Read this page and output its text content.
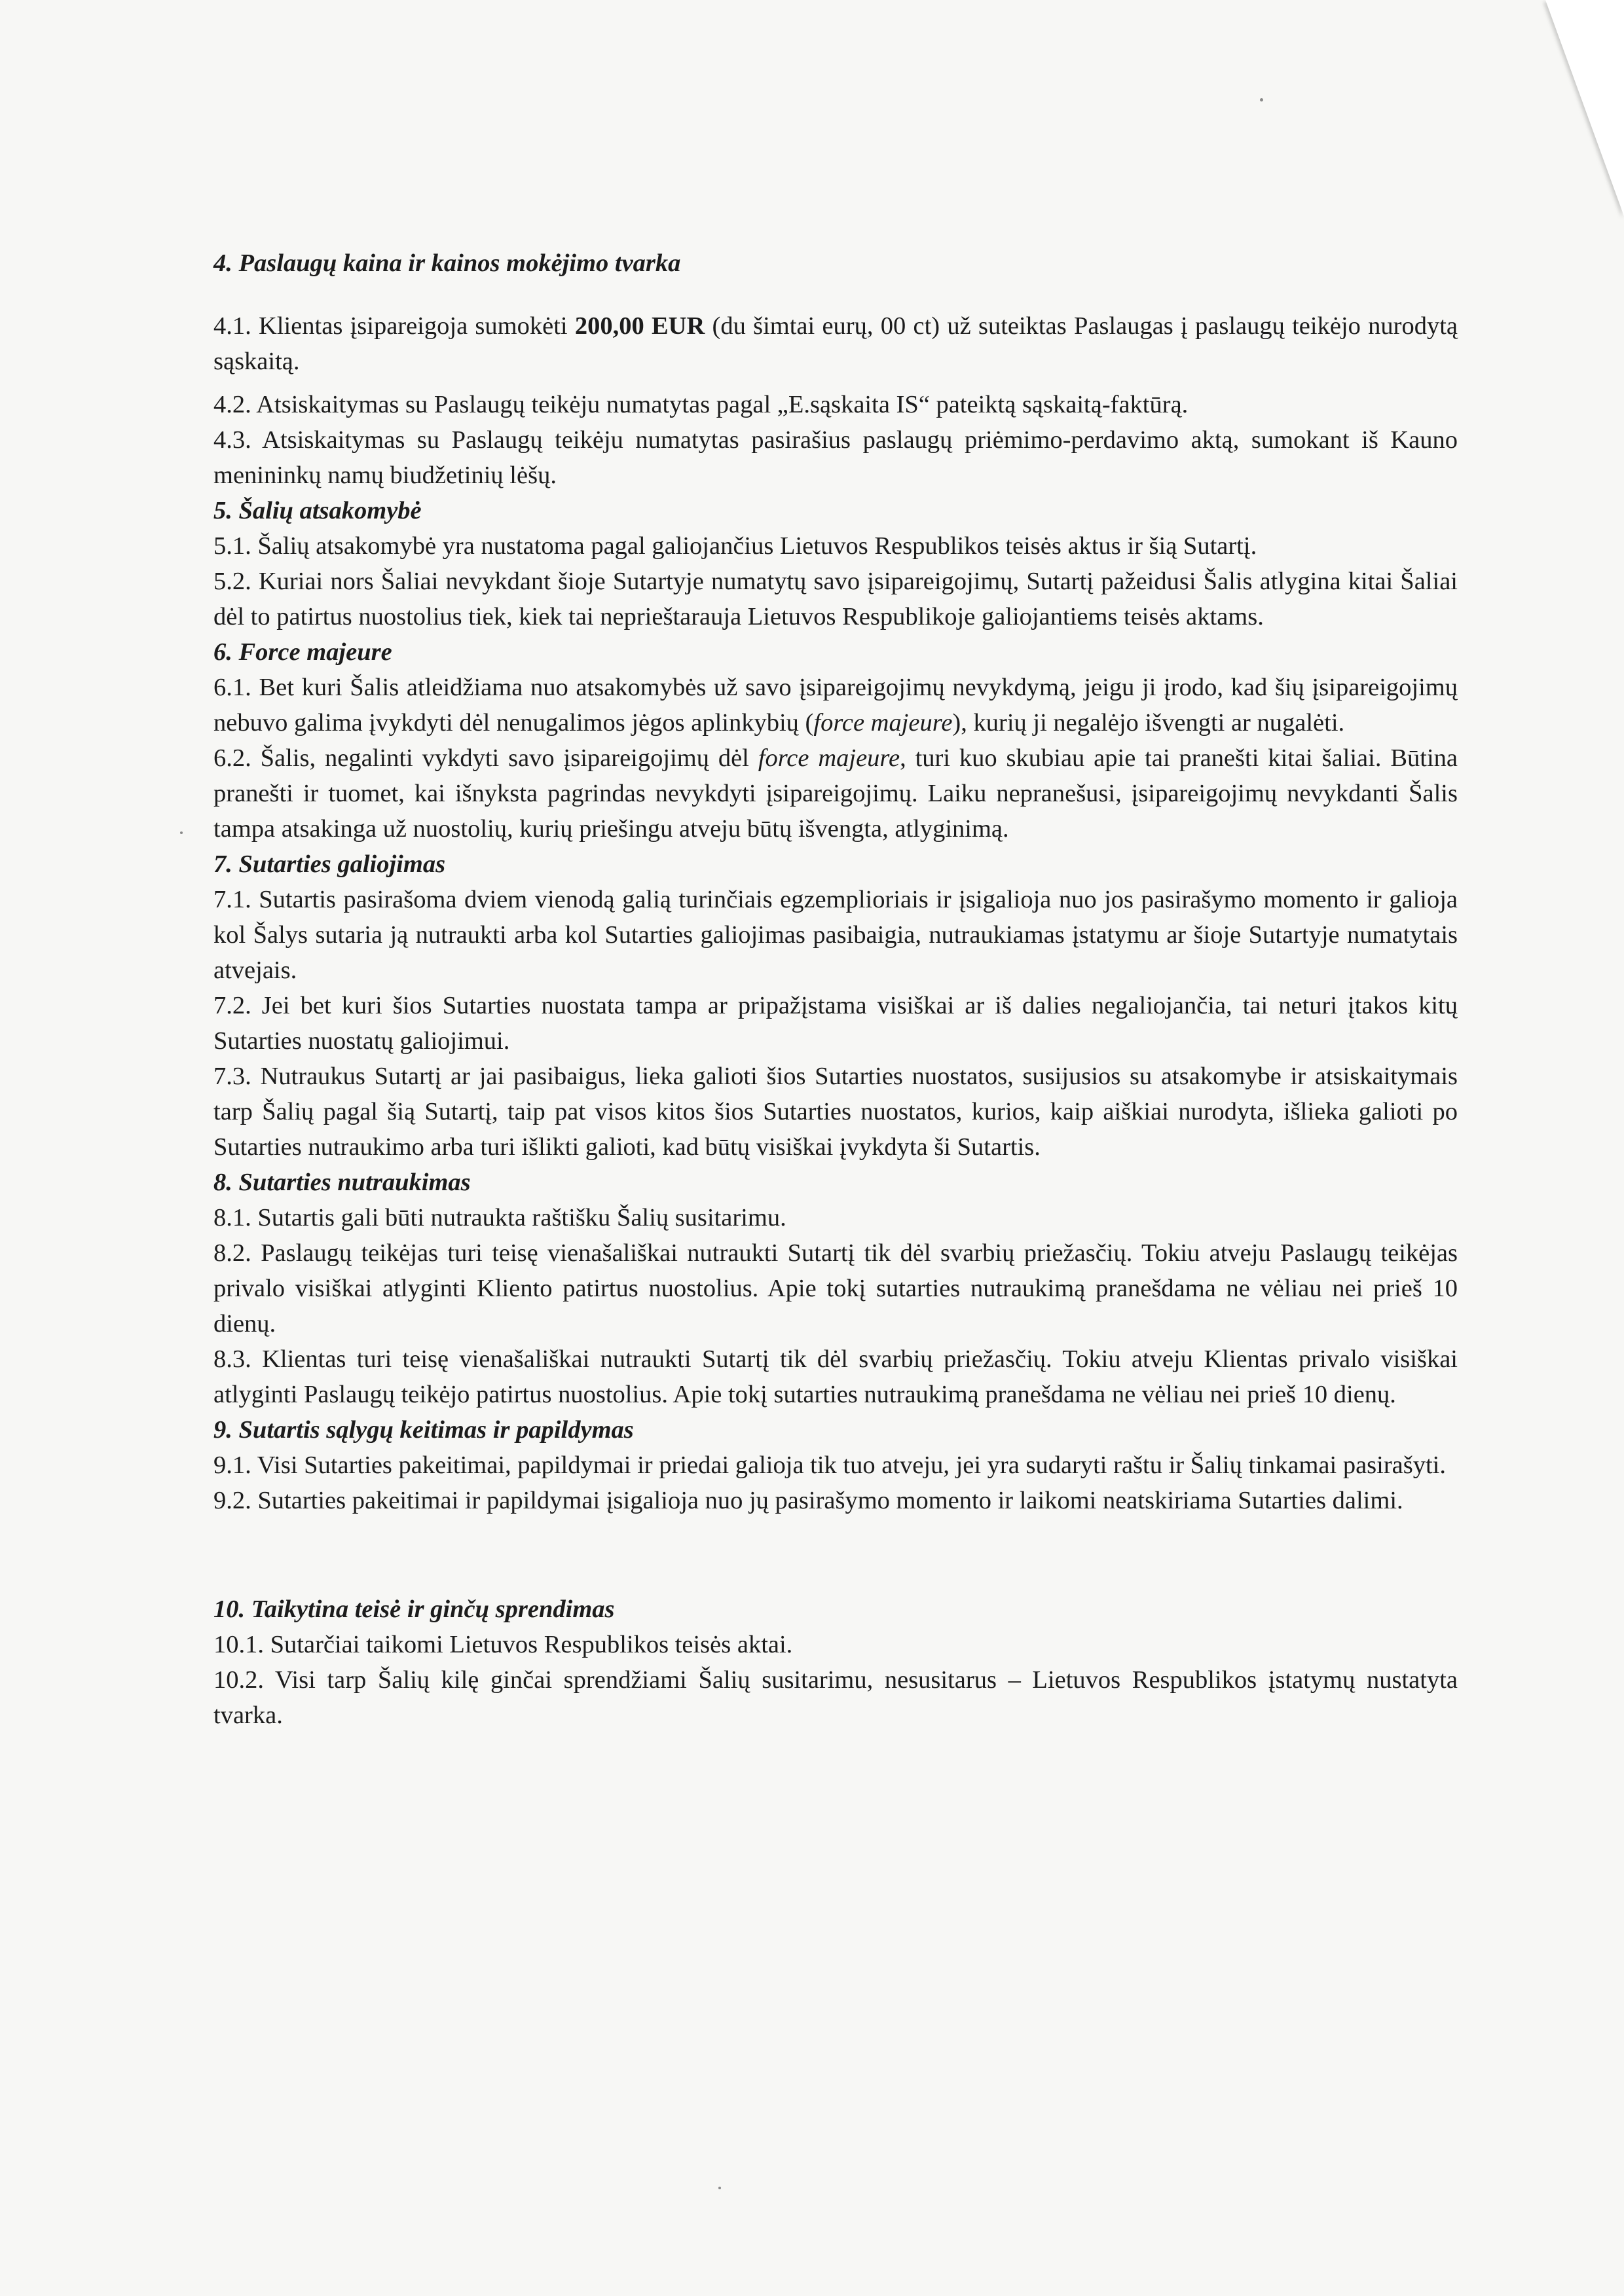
4. Paslaugų kaina ir kainos mokėjimo tvarka

4.1. Klientas įsipareigoja sumokėti 200,00 EUR (du šimtai eurų, 00 ct) už suteiktas Paslaugas į paslaugų teikėjo nurodytą sąskaitą.

4.2. Atsiskaitymas su Paslaugų teikėju numatytas pagal „E.sąskaita IS“ pateiktą sąskaitą-faktūrą.

4.3. Atsiskaitymas su Paslaugų teikėju numatytas pasirašius paslaugų priėmimo-perdavimo aktą, sumokant iš Kauno menininkų namų biudžetinių lėšų.

5. Šalių atsakomybė

5.1. Šalių atsakomybė yra nustatoma pagal galiojančius Lietuvos Respublikos teisės aktus ir šią Sutartį.

5.2. Kuriai nors Šaliai nevykdant šioje Sutartyje numatytų savo įsipareigojimų, Sutartį pažeidusi Šalis atlygina kitai Šaliai dėl to patirtus nuostolius tiek, kiek tai neprieštarauja Lietuvos Respublikoje galiojantiems teisės aktams.

6. Force majeure

6.1. Bet kuri Šalis atleidžiama nuo atsakomybės už savo įsipareigojimų nevykdymą, jeigu ji įrodo, kad šių įsipareigojimų nebuvo galima įvykdyti dėl nenugalimos jėgos aplinkybių (force majeure), kurių ji negalėjo išvengti ar nugalėti.

6.2. Šalis, negalinti vykdyti savo įsipareigojimų dėl force majeure, turi kuo skubiau apie tai pranešti kitai šaliai. Būtina pranešti ir tuomet, kai išnyksta pagrindas nevykdyti įsipareigojimų. Laiku nepranešusi, įsipareigojimų nevykdanti Šalis tampa atsakinga už nuostolių, kurių priešingu atveju būtų išvengta, atlyginimą.

7. Sutarties galiojimas

7.1. Sutartis pasirašoma dviem vienodą galią turinčiais egzemplioriais ir įsigalioja nuo jos pasirašymo momento ir galioja kol Šalys sutaria ją nutraukti arba kol Sutarties galiojimas pasibaigia, nutraukiamas įstatymu ar šioje Sutartyje numatytais atvejais.

7.2. Jei bet kuri šios Sutarties nuostata tampa ar pripažįstama visiškai ar iš dalies negaliojančia, tai neturi įtakos kitų Sutarties nuostatų galiojimui.

7.3. Nutraukus Sutartį ar jai pasibaigus, lieka galioti šios Sutarties nuostatos, susijusios su atsakomybe ir atsiskaitymais tarp Šalių pagal šią Sutartį, taip pat visos kitos šios Sutarties nuostatos, kurios, kaip aiškiai nurodyta, išlieka galioti po Sutarties nutraukimo arba turi išlikti galioti, kad būtų visiškai įvykdyta ši Sutartis.

8. Sutarties nutraukimas

8.1. Sutartis gali būti nutraukta raštišku Šalių susitarimu.

8.2. Paslaugų teikėjas turi teisę vienašališkai nutraukti Sutartį tik dėl svarbių priežasčių. Tokiu atveju Paslaugų teikėjas privalo visiškai atlyginti Kliento patirtus nuostolius. Apie tokį sutarties nutraukimą pranešdama ne vėliau nei prieš 10 dienų.

8.3. Klientas turi teisę vienašališkai nutraukti Sutartį tik dėl svarbių priežasčių. Tokiu atveju Klientas privalo visiškai atlyginti Paslaugų teikėjo patirtus nuostolius. Apie tokį sutarties nutraukimą pranešdama ne vėliau nei prieš 10 dienų.

9. Sutartis sąlygų keitimas ir papildymas

9.1. Visi Sutarties pakeitimai, papildymai ir priedai galioja tik tuo atveju, jei yra sudaryti raštu ir Šalių tinkamai pasirašyti.

9.2. Sutarties pakeitimai ir papildymai įsigalioja nuo jų pasirašymo momento ir laikomi neatskiriama Sutarties dalimi.

10. Taikytina teisė ir ginčų sprendimas

10.1. Sutarčiai taikomi Lietuvos Respublikos teisės aktai.

10.2. Visi tarp Šalių kilę ginčai sprendžiami Šalių susitarimu, nesusitarus – Lietuvos Respublikos įstatymų nustatyta tvarka.
